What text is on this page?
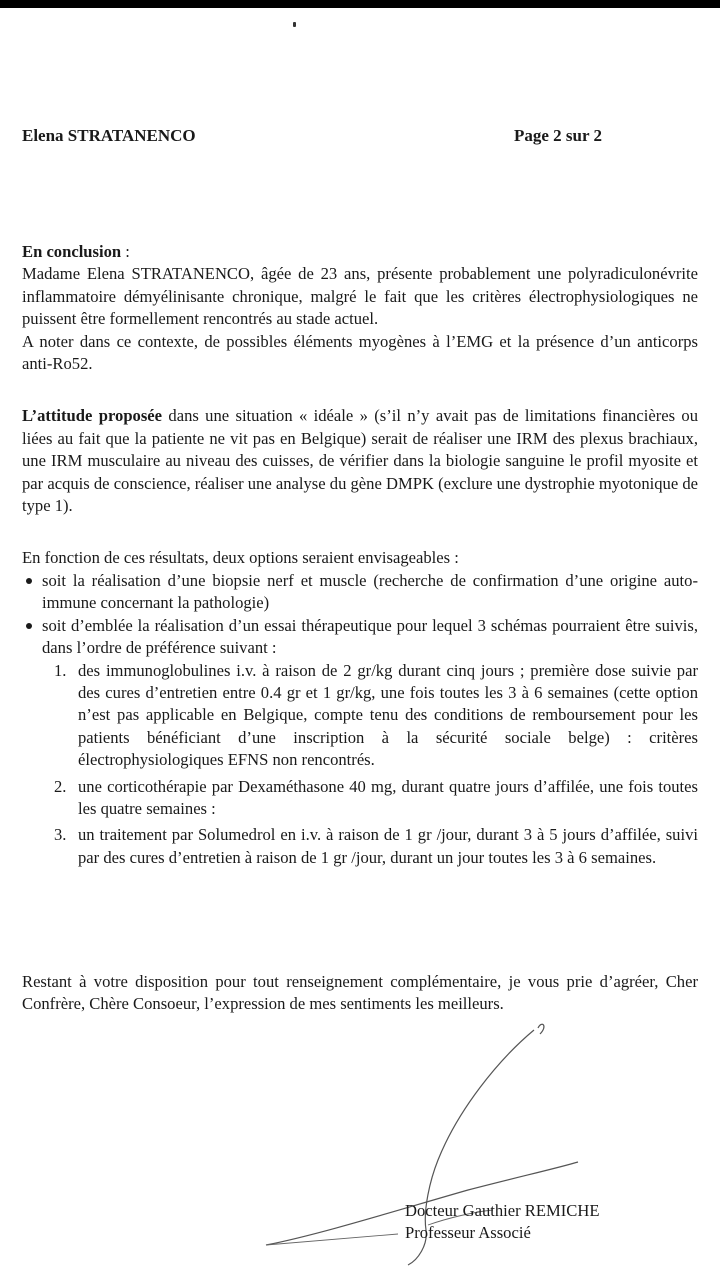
Elena STRATANENCO	Page 2 sur 2

En conclusion :

Madame Elena STRATANENCO, âgée de 23 ans, présente probablement une polyradiculonévrite inflammatoire démyélinisante chronique, malgré le fait que les critères électrophysiologiques ne puissent être formellement rencontrés au stade actuel.

A noter dans ce contexte, de possibles éléments myogènes à l’EMG et la présence d’un anticorps anti-Ro52.

L’attitude proposée dans une situation « idéale » (s’il n’y avait pas de limitations financières ou liées au fait que la patiente ne vit pas en Belgique) serait de réaliser une IRM des plexus brachiaux, une IRM musculaire au niveau des cuisses, de vérifier dans la biologie sanguine le profil myosite et par acquis de conscience, réaliser une analyse du gène DMPK (exclure une dystrophie myotonique de type 1).

En fonction de ces résultats, deux options seraient envisageables :

soit la réalisation d’une biopsie nerf et muscle (recherche de confirmation d’une origine auto-immune concernant la pathologie)
soit d’emblée la réalisation d’un essai thérapeutique pour lequel 3 schémas pourraient être suivis, dans l’ordre de préférence suivant :
1. des immunoglobulines i.v. à raison de 2 gr/kg durant cinq jours ; première dose suivie par des cures d’entretien entre 0.4 gr et 1 gr/kg, une fois toutes les 3 à 6 semaines (cette option n’est pas applicable en Belgique, compte tenu des conditions de remboursement pour les patients bénéficiant d’une inscription à la sécurité sociale belge) : critères électrophysiologiques EFNS non rencontrés.
2. une corticothérapie par Dexaméthasone 40 mg, durant quatre jours d’affilée, une fois toutes les quatre semaines :
3. un traitement par Solumedrol en i.v. à raison de 1 gr /jour, durant 3 à 5 jours d’affilée, suivi par des cures d’entretien à raison de 1 gr /jour, durant un jour toutes les 3 à 6 semaines.
Restant à votre disposition pour tout renseignement complémentaire, je vous prie d’agréer, Cher Confrère, Chère Consoeur, l’expression de mes sentiments les meilleurs.
Docteur Gauthier REMICHE
Professeur Associé
